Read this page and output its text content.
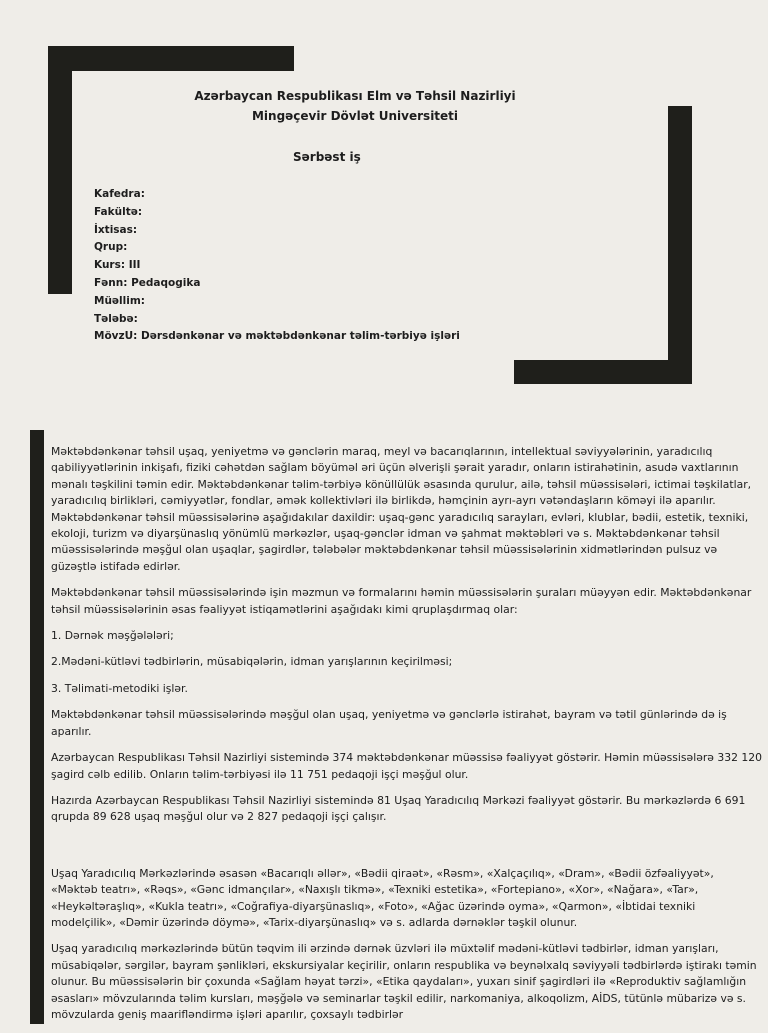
Azərbaycan Respublikası Elm və Təhsil Nazirliyi
Mingəçevir Dövlət Universiteti
Sərbəst iş
Kafedra:
Fakültə:
İxtisas:
Qrup:
Kurs: III
Fənn: Pedaqogika
Müəllim:
Tələbə:
MövzU: Dərsdənkənar və məktəbdənkənar təlim-tərbiyə işləri

Məktəbdənkənar təhsil uşaq, yeniyetmə və gənclərin maraq, meyl və bacarıqlarının, intellektual səviyyələrinin, yaradıcılıq qabiliyyətlərinin inkişafı, fiziki cəhətdən sağlam böyüməl əri üçün əlverişli şərait yaradır, onların istirahətinin, asudə vaxtlarının mənalı təşkilini təmin edir. Məktəbdənkənar təlim-tərbiyə könüllülük əsasında qurulur, ailə, təhsil müəssisələri, ictimai təşkilatlar, yaradıcılıq birlikləri, cəmiyyətlər, fondlar, əmək kollektivləri ilə birlikdə, həmçinin ayrı-ayrı vətəndaşların köməyi ilə aparılır. Məktəbdənkənar təhsil müəssisələrinə aşağıdakılar daxildir: uşaq-gənc yaradıcılıq sarayları, evləri, klublar, bədii, estetik, texniki, ekoloji, turizm və diyarşünaslıq yönümlü mərkəzlər, uşaq-gənclər idman və şahmat məktəbləri və s. Məktəbdənkənar təhsil müəssisələrində məşğul olan uşaqlar, şagirdlər, tələbələr məktəbdənkənar təhsil müəssisələrinin xidmətlərindən pulsuz və güzəştlə istifadə edirlər.

Məktəbdənkənar təhsil müəssisələrində işin məzmun və formalarını həmin müəssisələrin şuraları müəyyən edir. Məktəbdənkənar təhsil müəssisələrinin əsas fəaliyyət istiqamətlərini aşağıdakı kimi qruplaşdırmaq olar:

1. Dərnək məşğələləri;

2.Mədəni-kütləvi tədbirlərin, müsabiqələrin, idman yarışlarının keçirilməsi;

3. Təlimati-metodiki işlər.

Məktəbdənkənar təhsil müəssisələrində məşğul olan uşaq, yeniyetmə və gənclərlə istirahət, bayram və tətil günlərində də iş aparılır.

Azərbaycan Respublikası Təhsil Nazirliyi sistemində 374 məktəbdənkənar müəssisə fəaliyyət göstərir. Həmin müəssisələrə 332 120 şagird cəlb edilib. Onların təlim-tərbiyəsi ilə 11 751 pedaqoji işçi məşğul olur.

Hazırda Azərbaycan Respublikası Təhsil Nazirliyi sistemində 81 Uşaq Yaradıcılıq Mərkəzi fəaliyyət göstərir. Bu mərkəzlərdə 6 691 qrupda 89 628 uşaq məşğul olur və 2 827 pedaqoji işçi çalışır.

Uşaq Yaradıcılıq Mərkəzlərində əsasən «Bacarıqlı əllər», «Bədii qiraət», «Rəsm», «Xalçaçılıq», «Dram», «Bədii özfəaliyyət», «Məktəb teatrı», «Rəqs», «Gənc idmançılar», «Naxışlı tikmə», «Texniki estetika», «Fortepiano», «Xor», «Nağara», «Tar», «Heykəltəraşlıq», «Kukla teatrı», «Coğrafiya-diyarşünaslıq», «Foto», «Ağac üzərində oyma», «Qarmon», «İbtidai texniki modelçilik», «Dəmir üzərində döymə», «Tarix-diyarşünaslıq» və s. adlarda dərnəklər təşkil olunur.

Uşaq yaradıcılıq mərkəzlərində bütün təqvim ili ərzində dərnək üzvləri ilə müxtəlif mədəni-kütləvi tədbirlər, idman yarışları, müsabiqələr, sərgilər, bayram şənlikləri, ekskursiyalar keçirilir, onların respublika və beynəlxalq səviyyəli tədbirlərdə iştirakı təmin olunur. Bu müəssisələrin bir çoxunda «Sağlam həyat tərzi», «Etika qaydaları», yuxarı sinif şagirdləri ilə «Reproduktiv sağlamlığın əsasları» mövzularında təlim kursları, məşğələ və seminarlar təşkil edilir, narkomaniya, alkoqolizm, AİDS, tütünlə mübarizə və s. mövzularda geniş maarifləndirmə işləri aparılır, çoxsaylı tədbirlər
